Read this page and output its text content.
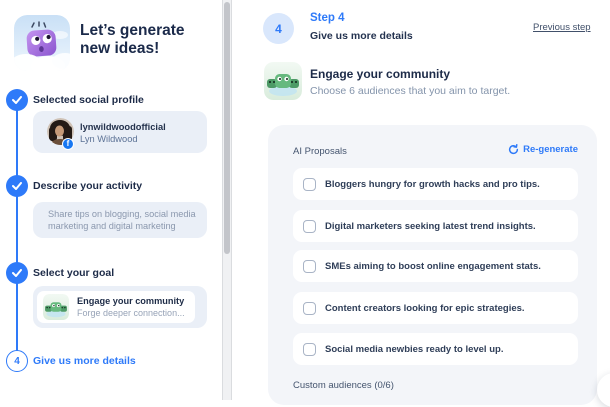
Let’s generate
new ideas!
Selected social profile
f
lynwildwoodofficial
Lyn Wildwood
Describe your activity
Share tips on blogging, social media marketing and digital marketing
Select your goal
Engage your community
Forge deeper connection...
4 Give us more details
4
Step 4
Give us more details
Previous step
Engage your community
Choose 6 audiences that you aim to target.
AI Proposals	Re-generate
Bloggers hungry for growth hacks and pro tips.
Digital marketers seeking latest trend insights.
SMEs aiming to boost online engagement stats.
Content creators looking for epic strategies.
Social media newbies ready to level up.
Custom audiences (0/6)
